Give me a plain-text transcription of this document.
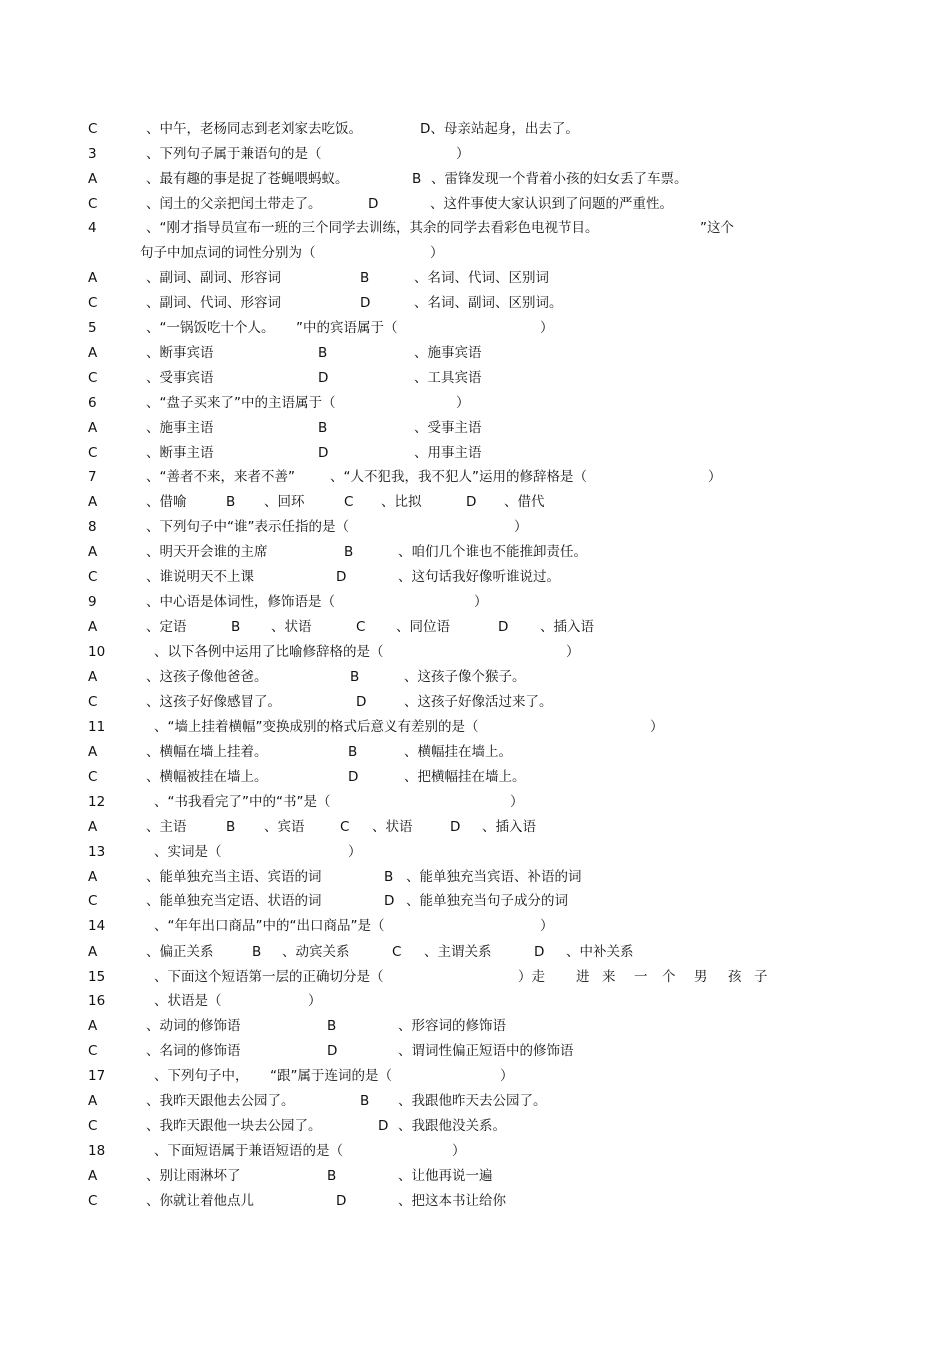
C	、中午，老杨同志到老刘家去吃饭。	D、母亲站起身，出去了。
3	、下列句子属于兼语句的是（	）
A	、最有趣的事是捉了苍蝇喂蚂蚁。	B 、雷锋发现一个背着小孩的妇女丢了车票。
C	、闰土的父亲把闰土带走了。	D	、这件事使大家认识到了问题的严重性。
4	、“刚才指导员宣布一班的三个同学去训练，其余的同学去看彩色电视节目。	”这个
句子中加点词的词性分别为（	）
A	、副词、副词、形容词	B	、名词、代词、区别词
C	、副词、代词、形容词	D	、名词、副词、区别词。
5	、“一锅饭吃十个人。 ”中的宾语属于（	）
A	、断事宾语	B	、施事宾语
C	、受事宾语	D	、工具宾语
6	、“盘子买来了”中的主语属于（	）
A	、施事主语	B	、受事主语
C	、断事主语	D	、用事主语
7	、“善者不来，来者不善”	、“人不犯我，我不犯人”运用的修辞格是（	）
A	、借喻	B 、回环	C 、比拟	D 、借代
8	、下列句子中“谁”表示任指的是（	）
A	、明天开会谁的主席	B	、咱们几个谁也不能推卸责任。
C	、谁说明天不上课	D	、这句话我好像听谁说过。
9	、中心语是体词性，修饰语是（	）
A	、定语	B 、状语	C 、同位语	D 、插入语
10	、以下各例中运用了比喻修辞格的是（	）
A	、这孩子像他爸爸。	B	、这孩子像个猴子。
C	、这孩子好像感冒了。	D	、这孩子好像活过来了。
11	、“墙上挂着横幅”变换成别的格式后意义有差别的是（	）
A	、横幅在墙上挂着。	B	、横幅挂在墙上。
C	、横幅被挂在墙上。	D	、把横幅挂在墙上。
12	、“书我看完了”中的“书”是（	）
A	、主语	B 、宾语	C 、状语	D 、插入语
13	、实词是（	）
A	、能单独充当主语、宾语的词	B 、能单独充当宾语、补语的词
C	、能单独充当定语、状语的词	D 、能单独充当句子成分的词
14	、“年年出口商品”中的“出口商品”是（	）
A	、偏正关系	B 、动宾关系	C 、主谓关系	D 、中补关系
15	、下面这个短语第一层的正确切分是（	）走 进 来 一 个 男 孩 子
16	、状语是（	）
A	、动词的修饰语	B	、形容词的修饰语
C	、名词的修饰语	D	、谓词性偏正短语中的修饰语
17	、下列句子中， “跟”属于连词的是（	）
A	、我昨天跟他去公园了。	B 、我跟他昨天去公园了。
C	、我昨天跟他一块去公园了。	D 、我跟他没关系。
18	、下面短语属于兼语短语的是（	）
A	、别让雨淋坏了	B	、让他再说一遍
C	、你就让着他点儿	D	、把这本书让给你
